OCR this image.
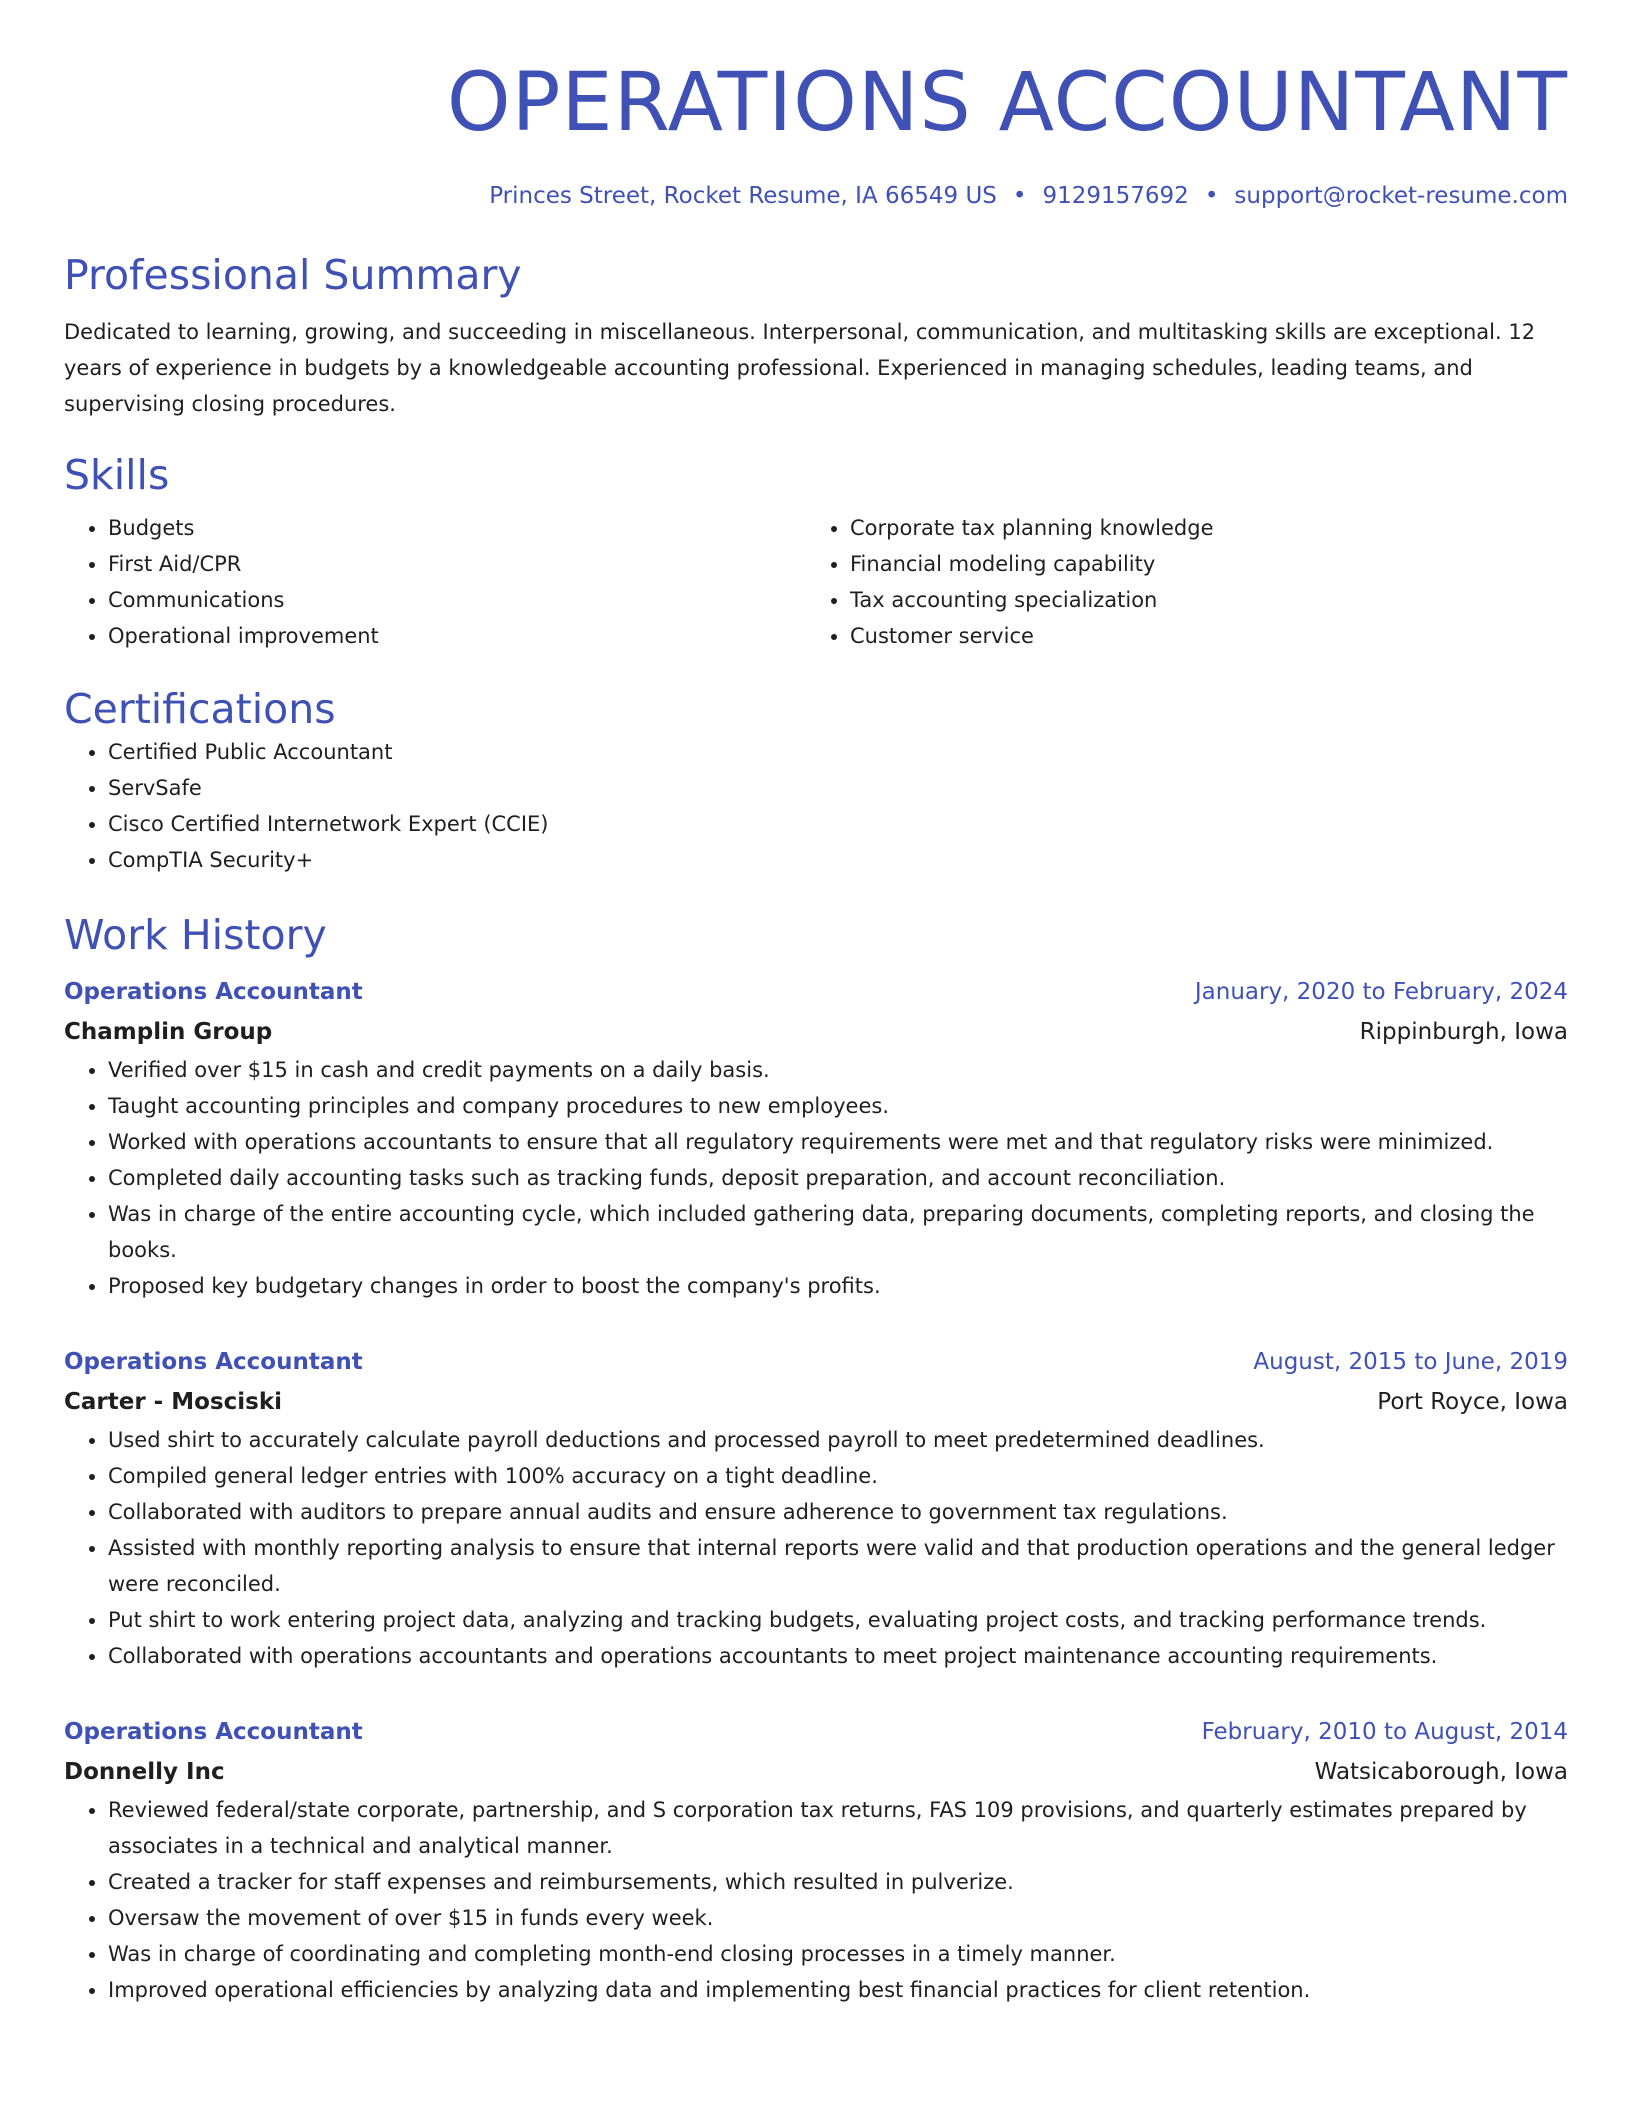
OPERATIONS ACCOUNTANT
Princes Street, Rocket Resume, IA 66549 US • 9129157692 • support@rocket-resume.com
Professional Summary

Dedicated to learning, growing, and succeeding in miscellaneous. Interpersonal, communication, and multitasking skills are exceptional. 12 years of experience in budgets by a knowledgeable accounting professional. Experienced in managing schedules, leading teams, and supervising closing procedures.

Skills
• Budgets
• First Aid/CPR
• Communications
• Operational improvement
• Corporate tax planning knowledge
• Financial modeling capability
• Tax accounting specialization
• Customer service
Certifications
• Certified Public Accountant
• ServSafe
• Cisco Certified Internetwork Expert (CCIE)
• CompTIA Security+
Work History
Operations Accountant	January, 2020 to February, 2024
Champlin Group	Rippinburgh, Iowa
• Verified over $15 in cash and credit payments on a daily basis.
• Taught accounting principles and company procedures to new employees.
• Worked with operations accountants to ensure that all regulatory requirements were met and that regulatory risks were minimized.
• Completed daily accounting tasks such as tracking funds, deposit preparation, and account reconciliation.
• Was in charge of the entire accounting cycle, which included gathering data, preparing documents, completing reports, and closing the books.
• Proposed key budgetary changes in order to boost the company's profits.
Operations Accountant	August, 2015 to June, 2019
Carter - Mosciski	Port Royce, Iowa
• Used shirt to accurately calculate payroll deductions and processed payroll to meet predetermined deadlines.
• Compiled general ledger entries with 100% accuracy on a tight deadline.
• Collaborated with auditors to prepare annual audits and ensure adherence to government tax regulations.
• Assisted with monthly reporting analysis to ensure that internal reports were valid and that production operations and the general ledger were reconciled.
• Put shirt to work entering project data, analyzing and tracking budgets, evaluating project costs, and tracking performance trends.
• Collaborated with operations accountants and operations accountants to meet project maintenance accounting requirements.
Operations Accountant	February, 2010 to August, 2014
Donnelly Inc	Watsicaborough, Iowa
• Reviewed federal/state corporate, partnership, and S corporation tax returns, FAS 109 provisions, and quarterly estimates prepared by associates in a technical and analytical manner.
• Created a tracker for staff expenses and reimbursements, which resulted in pulverize.
• Oversaw the movement of over $15 in funds every week.
• Was in charge of coordinating and completing month-end closing processes in a timely manner.
• Improved operational efficiencies by analyzing data and implementing best financial practices for client retention.
